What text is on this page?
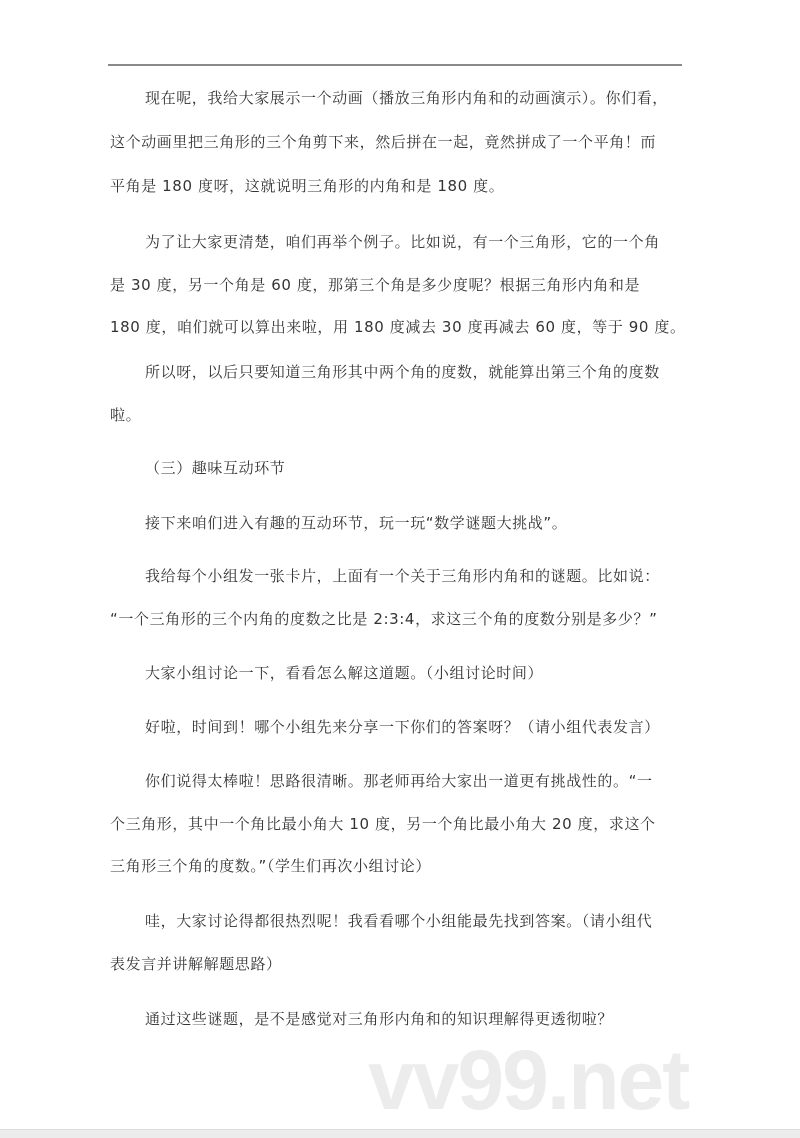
现在呢，我给大家展示一个动画（播放三角形内角和的动画演示）。你们看，
这个动画里把三角形的三个角剪下来，然后拼在一起，竟然拼成了一个平角！而
平角是 180 度呀，这就说明三角形的内角和是 180 度。
为了让大家更清楚，咱们再举个例子。比如说，有一个三角形，它的一个角
是 30 度，另一个角是 60 度，那第三个角是多少度呢？根据三角形内角和是
180 度，咱们就可以算出来啦，用 180 度减去 30 度再减去 60 度，等于 90 度。
所以呀，以后只要知道三角形其中两个角的度数，就能算出第三个角的度数
啦。
（三）趣味互动环节
接下来咱们进入有趣的互动环节，玩一玩“数学谜题大挑战”。
我给每个小组发一张卡片，上面有一个关于三角形内角和的谜题。比如说：
“一个三角形的三个内角的度数之比是 2:3:4，求这三个角的度数分别是多少？”
大家小组讨论一下，看看怎么解这道题。（小组讨论时间）
好啦，时间到！哪个小组先来分享一下你们的答案呀？（请小组代表发言）
你们说得太棒啦！思路很清晰。那老师再给大家出一道更有挑战性的。“一
个三角形，其中一个角比最小角大 10 度，另一个角比最小角大 20 度，求这个
三角形三个角的度数。”（学生们再次小组讨论）
哇，大家讨论得都很热烈呢！我看看哪个小组能最先找到答案。（请小组代
表发言并讲解解题思路）
通过这些谜题，是不是感觉对三角形内角和的知识理解得更透彻啦？
vv99.net
